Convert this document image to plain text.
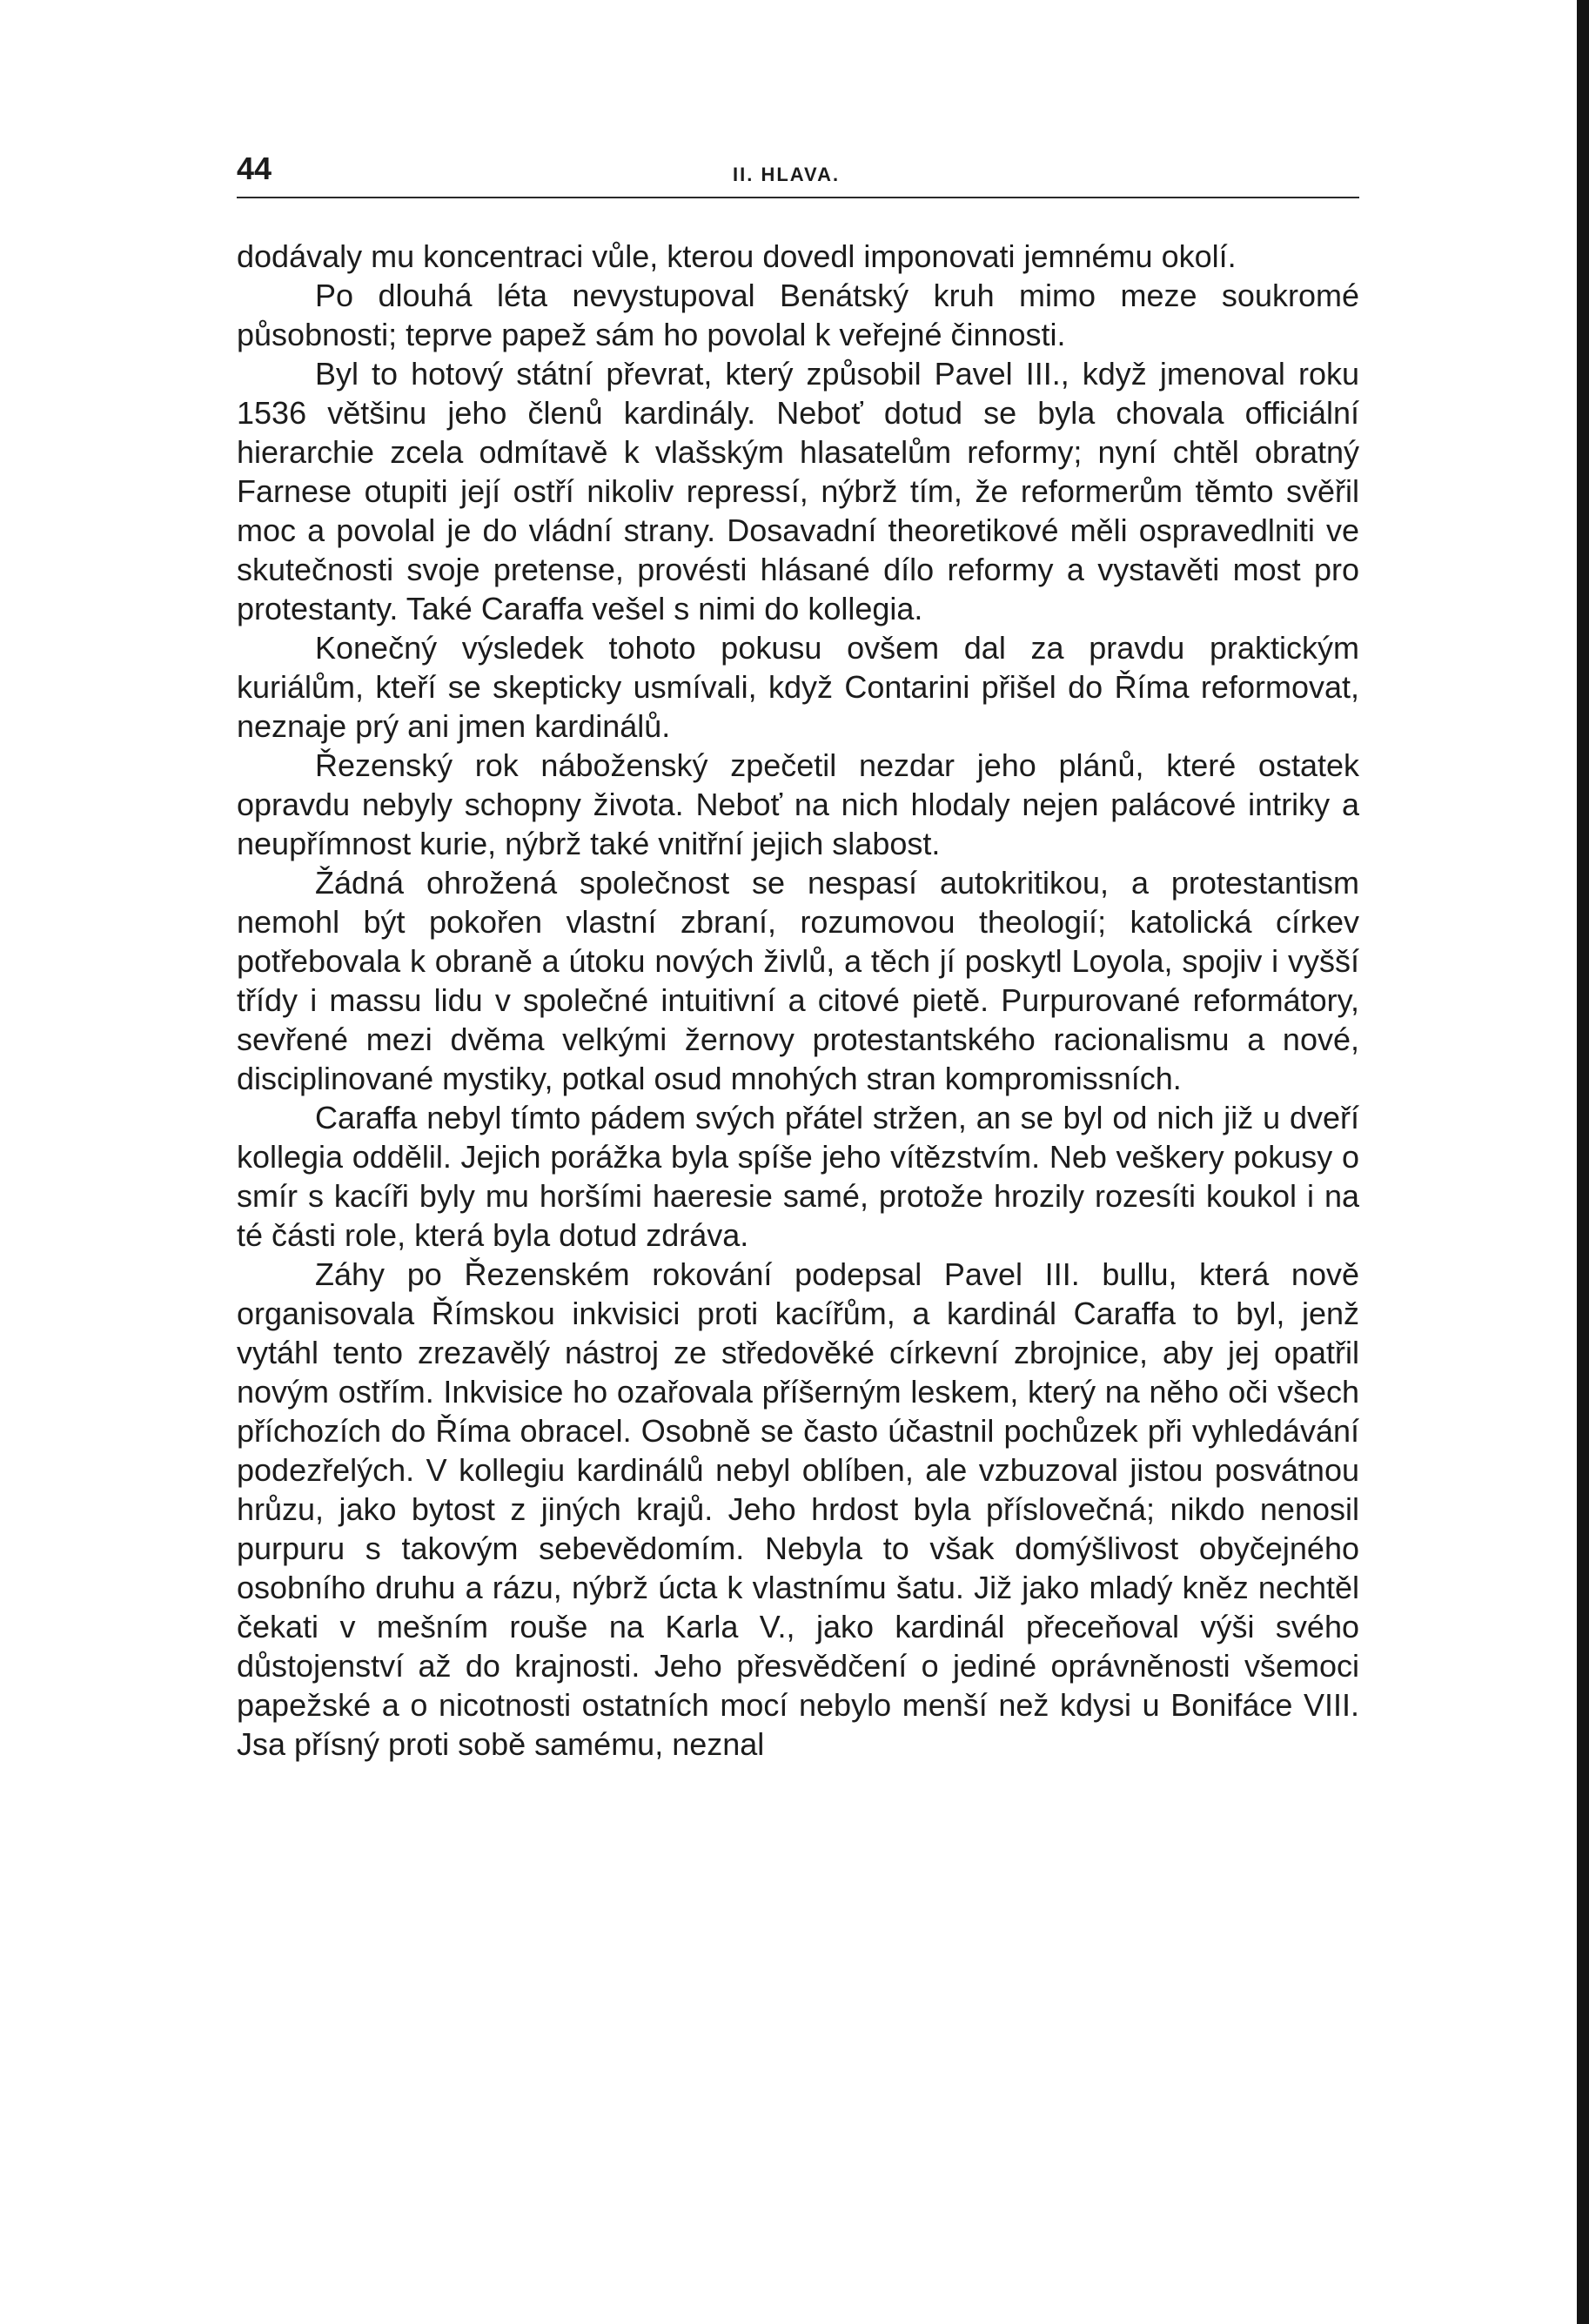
44	II. HLAVA.

dodávaly mu koncentraci vůle, kterou dovedl imponovati jemnému okolí.

Po dlouhá léta nevystupoval Benátský kruh mimo meze soukromé působnosti; teprve papež sám ho povolal k veřejné činnosti.

Byl to hotový státní převrat, který způsobil Pavel III., když jmenoval roku 1536 většinu jeho členů kardinály. Neboť dotud se byla chovala officiální hierarchie zcela odmítavě k vlašským hlasatelům reformy; nyní chtěl obratný Farnese otupiti její ostří nikoliv repressí, nýbrž tím, že reformerům těmto svěřil moc a povolal je do vládní strany. Dosavadní theoretikové měli ospravedlniti ve skutečnosti svoje pretense, provésti hlásané dílo reformy a vystavěti most pro protestanty. Také Caraffa vešel s nimi do kollegia.

Konečný výsledek tohoto pokusu ovšem dal za pravdu praktickým kuriálům, kteří se skepticky usmívali, když Contarini přišel do Říma reformovat, neznaje prý ani jmen kardinálů.

Řezenský rok náboženský zpečetil nezdar jeho plánů, které ostatek opravdu nebyly schopny života. Neboť na nich hlodaly nejen palácové intriky a neupřímnost kurie, nýbrž také vnitřní jejich slabost.

Žádná ohrožená společnost se nespasí autokritikou, a protestantism nemohl být pokořen vlastní zbraní, rozumovou theologií; katolická církev potřebovala k obraně a útoku nových živlů, a těch jí poskytl Loyola, spojiv i vyšší třídy i massu lidu v společné intuitivní a citové pietě. Purpurované reformátory, sevřené mezi dvěma velkými žernovy protestantského racionalismu a nové, disciplinované mystiky, potkal osud mnohých stran kompromissních.

Caraffa nebyl tímto pádem svých přátel stržen, an se byl od nich již u dveří kollegia oddělil. Jejich porážka byla spíše jeho vítězstvím. Neb veškery pokusy o smír s kacíři byly mu horšími haeresie samé, protože hrozily rozesíti koukol i na té části role, která byla dotud zdráva.

Záhy po Řezenském rokování podepsal Pavel III. bullu, která nově organisovala Římskou inkvisici proti kacířům, a kardinál Caraffa to byl, jenž vytáhl tento zrezavělý nástroj ze středověké církevní zbrojnice, aby jej opatřil novým ostřím. Inkvisice ho ozařovala příšerným leskem, který na něho oči všech příchozích do Říma obracel. Osobně se často účastnil pochůzek při vyhledávání podezřelých. V kollegiu kardinálů nebyl oblíben, ale vzbuzoval jistou posvátnou hrůzu, jako bytost z jiných krajů. Jeho hrdost byla příslovečná; nikdo nenosil purpuru s takovým sebevědomím. Nebyla to však domýšlivost obyčejného osobního druhu a rázu, nýbrž úcta k vlastnímu šatu. Již jako mladý kněz nechtěl čekati v mešním rouše na Karla V., jako kardinál přeceňoval výši svého důstojenství až do krajnosti. Jeho přesvědčení o jediné oprávněnosti všemoci papežské a o nicotnosti ostatních mocí nebylo menší než kdysi u Bonifáce VIII. Jsa přísný proti sobě samému, neznal
